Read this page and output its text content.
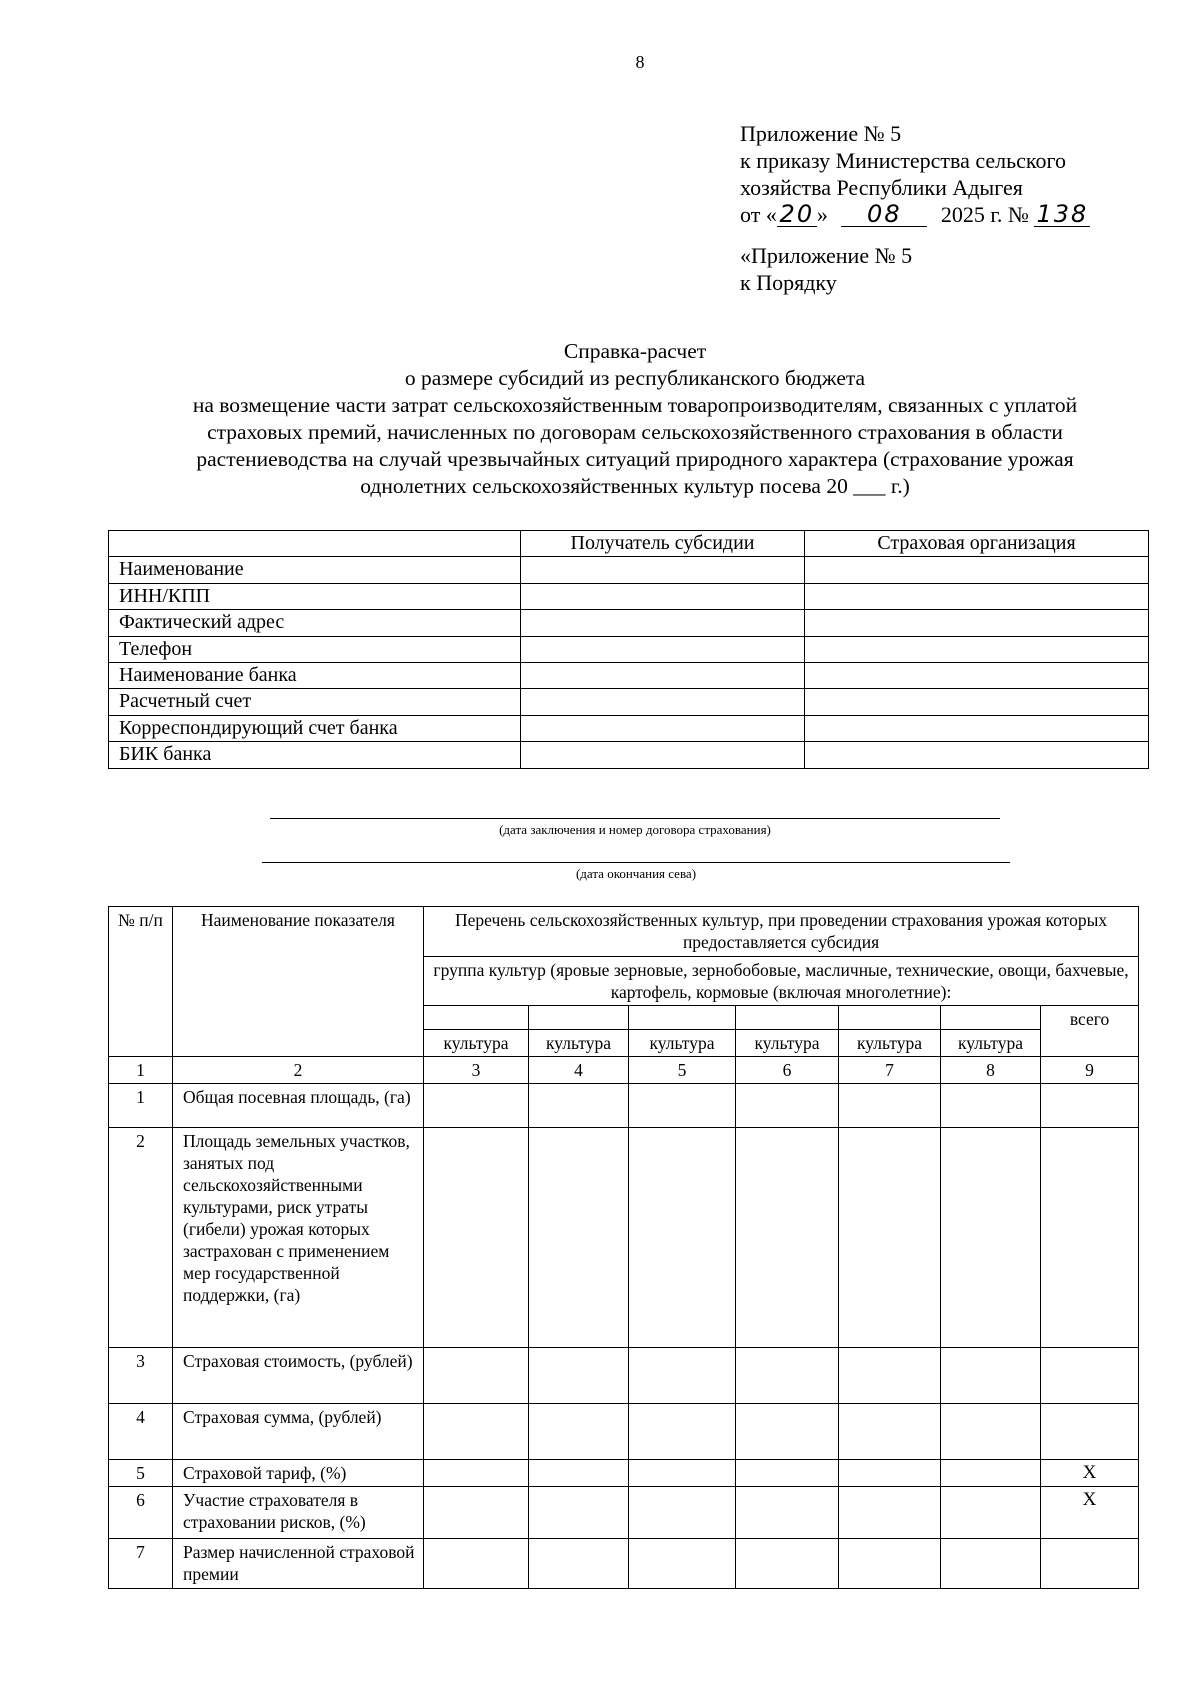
8
Приложение № 5
к приказу Министерства сельского
хозяйства Республики Адыгея
от « 20 » 08 2025 г. № 138
«Приложение № 5
к Порядку
Справка-расчет
о размере субсидий из республиканского бюджета
на возмещение части затрат сельскохозяйственным товаропроизводителям, связанных с уплатой
страховых премий, начисленных по договорам сельскохозяйственного страхования в области
растениеводства на случай чрезвычайных ситуаций природного характера (страхование урожая
однолетних сельскохозяйственных культур посева 20 ___ г.)
	Получатель субсидии	Страховая организация
Наименование		
ИНН/КПП		
Фактический адрес		
Телефон		
Наименование банка		
Расчетный счет		
Корреспондирующий счет банка		
БИК банка		
(дата заключения и номер договора страхования)
(дата окончания сева)
№ п/п	Наименование показателя	Перечень сельскохозяйственных культур, при проведении страхования урожая которых предоставляется субсидия						
		группа культур (яровые зерновые, зернобобовые, масличные, технические, овощи, бахчевые, картофель, кормовые (включая многолетние):						
								всего
		культура	культура	культура	культура	культура	культура	
1	2	3	4	5	6	7	8	9
1	Общая посевная площадь, (га)							
2	Площадь земельных участков, занятых под сельскохозяйственными культурами, риск утраты (гибели) урожая которых застрахован с применением мер государственной поддержки, (га)							
3	Страховая стоимость, (рублей)							
4	Страховая сумма, (рублей)							
5	Страховой тариф, (%)							Х
6	Участие страхователя в страховании рисков, (%)							Х
7	Размер начисленной страховой премии							
